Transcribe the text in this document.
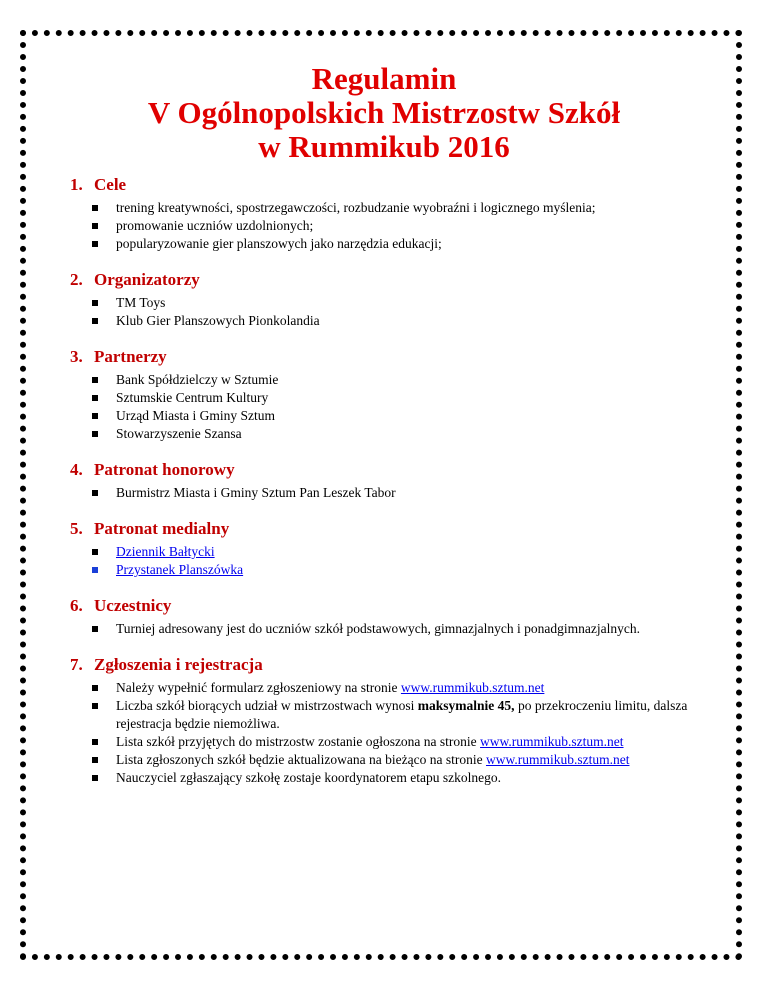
Regulamin
V Ogólnopolskich Mistrzostw Szkół
w Rummikub 2016
1. Cele
trening kreatywności, spostrzegawczości, rozbudzanie wyobraźni i logicznego myślenia;
promowanie uczniów uzdolnionych;
popularyzowanie gier planszowych jako narzędzia edukacji;
2. Organizatorzy
TM Toys
Klub Gier Planszowych Pionkolandia
3. Partnerzy
Bank Spółdzielczy w Sztumie
Sztumskie Centrum Kultury
Urząd Miasta i Gminy Sztum
Stowarzyszenie Szansa
4. Patronat honorowy
Burmistrz Miasta i Gminy Sztum Pan Leszek Tabor
5. Patronat medialny
Dziennik Bałtycki
Przystanek Planszówka
6. Uczestnicy
Turniej adresowany jest do uczniów szkół podstawowych, gimnazjalnych i ponadgimnazjalnych.
7. Zgłoszenia i rejestracja
Należy wypełnić formularz zgłoszeniowy na stronie www.rummikub.sztum.net
Liczba szkół biorących udział w mistrzostwach wynosi maksymalnie 45, po przekroczeniu limitu, dalsza rejestracja będzie niemożliwa.
Lista szkół przyjętych do mistrzostw zostanie ogłoszona na stronie www.rummikub.sztum.net
Lista zgłoszonych szkół będzie aktualizowana na bieżąco na stronie www.rummikub.sztum.net
Nauczyciel zgłaszający szkołę zostaje koordynatorem etapu szkolnego.
